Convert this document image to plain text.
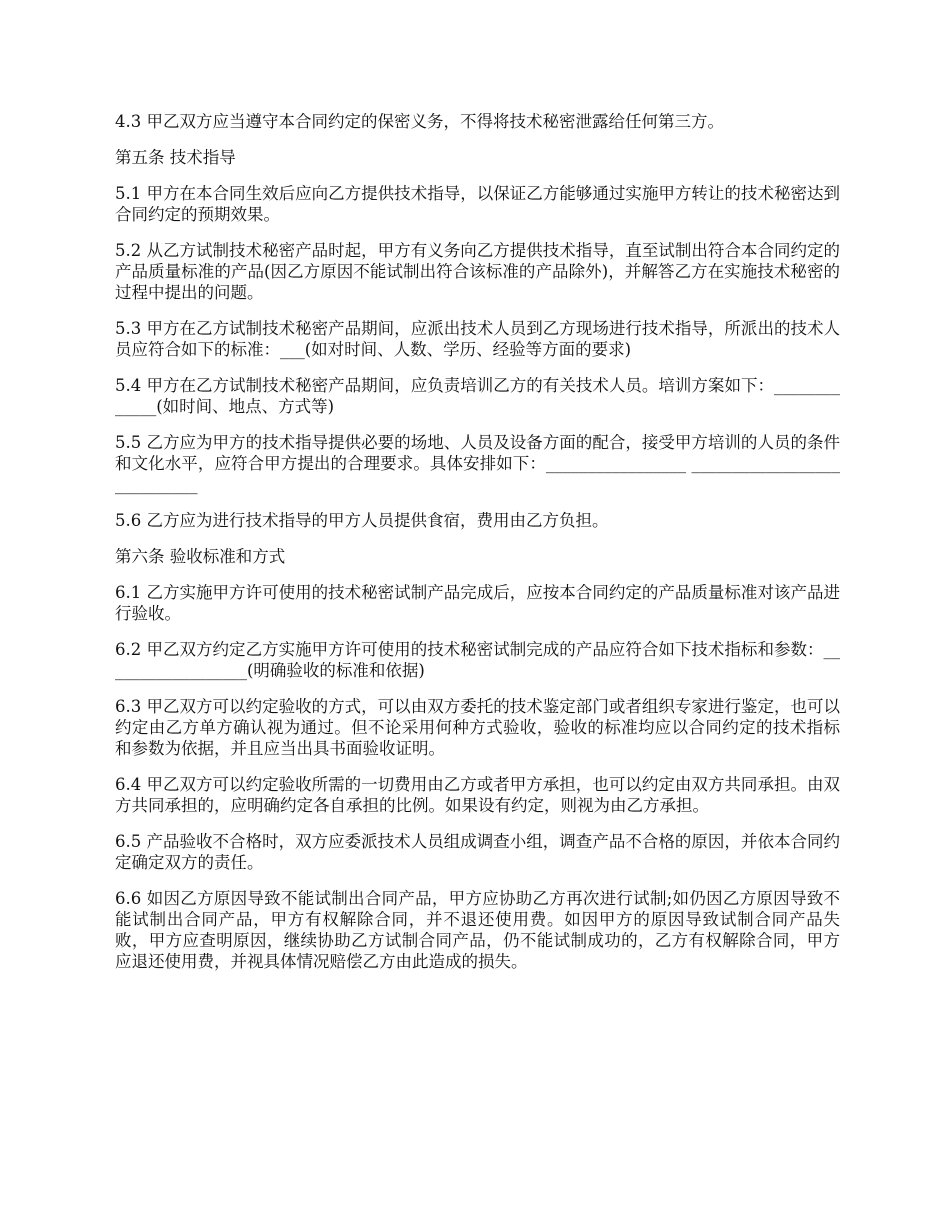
4.3 甲乙双方应当遵守本合同约定的保密义务，不得将技术秘密泄露给任何第三方。

第五条 技术指导

5.1 甲方在本合同生效后应向乙方提供技术指导，以保证乙方能够通过实施甲方转让的技术秘密达到合同约定的预期效果。

5.2 从乙方试制技术秘密产品时起，甲方有义务向乙方提供技术指导，直至试制出符合本合同约定的产品质量标准的产品(因乙方原因不能试制出符合该标准的产品除外)，并解答乙方在实施技术秘密的过程中提出的问题。

5.3 甲方在乙方试制技术秘密产品期间，应派出技术人员到乙方现场进行技术指导，所派出的技术人员应符合如下的标准：___(如对时间、人数、学历、经验等方面的要求)

5.4 甲方在乙方试制技术秘密产品期间，应负责培训乙方的有关技术人员。培训方案如下：_____________(如时间、地点、方式等)

5.5 乙方应为甲方的技术指导提供必要的场地、人员及设备方面的配合，接受甲方培训的人员的条件和文化水平，应符合甲方提出的合理要求。具体安排如下：_________________ ____________________________

5.6 乙方应为进行技术指导的甲方人员提供食宿，费用由乙方负担。

第六条 验收标准和方式

6.1 乙方实施甲方许可使用的技术秘密试制产品完成后，应按本合同约定的产品质量标准对该产品进行验收。

6.2 甲乙双方约定乙方实施甲方许可使用的技术秘密试制完成的产品应符合如下技术指标和参数：__________________(明确验收的标准和依据)

6.3 甲乙双方可以约定验收的方式，可以由双方委托的技术鉴定部门或者组织专家进行鉴定，也可以约定由乙方单方确认视为通过。但不论采用何种方式验收，验收的标准均应以合同约定的技术指标和参数为依据，并且应当出具书面验收证明。

6.4 甲乙双方可以约定验收所需的一切费用由乙方或者甲方承担，也可以约定由双方共同承担。由双方共同承担的，应明确约定各自承担的比例。如果设有约定，则视为由乙方承担。

6.5 产品验收不合格时，双方应委派技术人员组成调查小组，调查产品不合格的原因，并依本合同约定确定双方的责任。

6.6 如因乙方原因导致不能试制出合同产品，甲方应协助乙方再次进行试制;如仍因乙方原因导致不能试制出合同产品，甲方有权解除合同，并不退还使用费。如因甲方的原因导致试制合同产品失败，甲方应查明原因，继续协助乙方试制合同产品，仍不能试制成功的，乙方有权解除合同，甲方应退还使用费，并视具体情况赔偿乙方由此造成的损失。
